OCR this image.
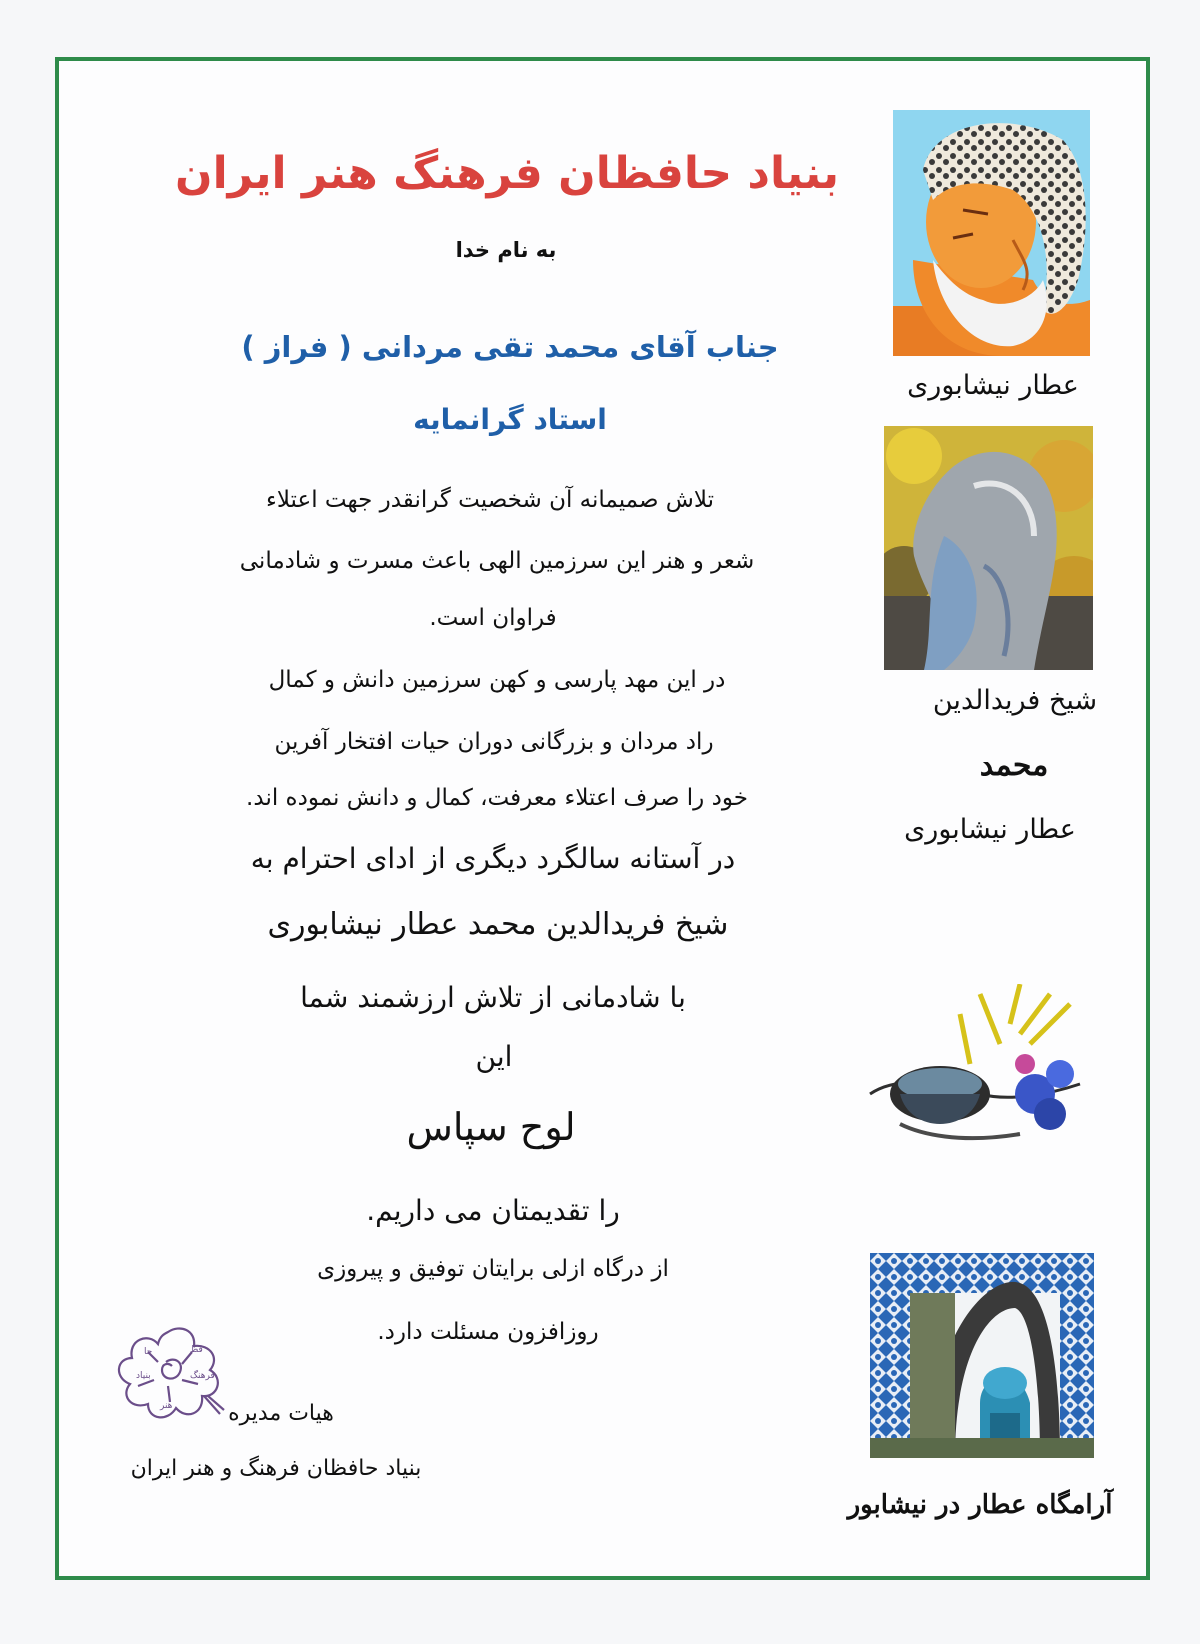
بنیاد حافظان فرهنگ هنر ایران

به نام خدا

جناب آقای محمد تقی مردانی ( فراز )

استاد گرانمایه

تلاش صمیمانه آن شخصیت گرانقدر جهت اعتلاء

شعر و هنر این سرزمین الهی باعث مسرت و شادمانی

فراوان است.

در این مهد پارسی و کهن سرزمین دانش و کمال

راد مردان و بزرگانی دوران حیات افتخار آفرین

خود را صرف اعتلاء معرفت، کمال و دانش نموده اند.

در آستانه سالگرد دیگری از ادای احترام به

شیخ فریدالدین محمد عطار نیشابوری

با شادمانی از تلاش ارزشمند شما

این

لوح سپاس

را تقدیمتان می داریم.

از درگاه ازلی برایتان توفیق و پیروزی

روزافزون مسئلت دارد.

حا	فظ
بنیاد	فرهنگ
هنر	هیات مدیره

بنیاد حافظان فرهنگ و هنر ایران

عطار نیشابوری

شیخ فریدالدین

محمد

عطار نیشابوری

آرامگاه عطار در نیشابور
